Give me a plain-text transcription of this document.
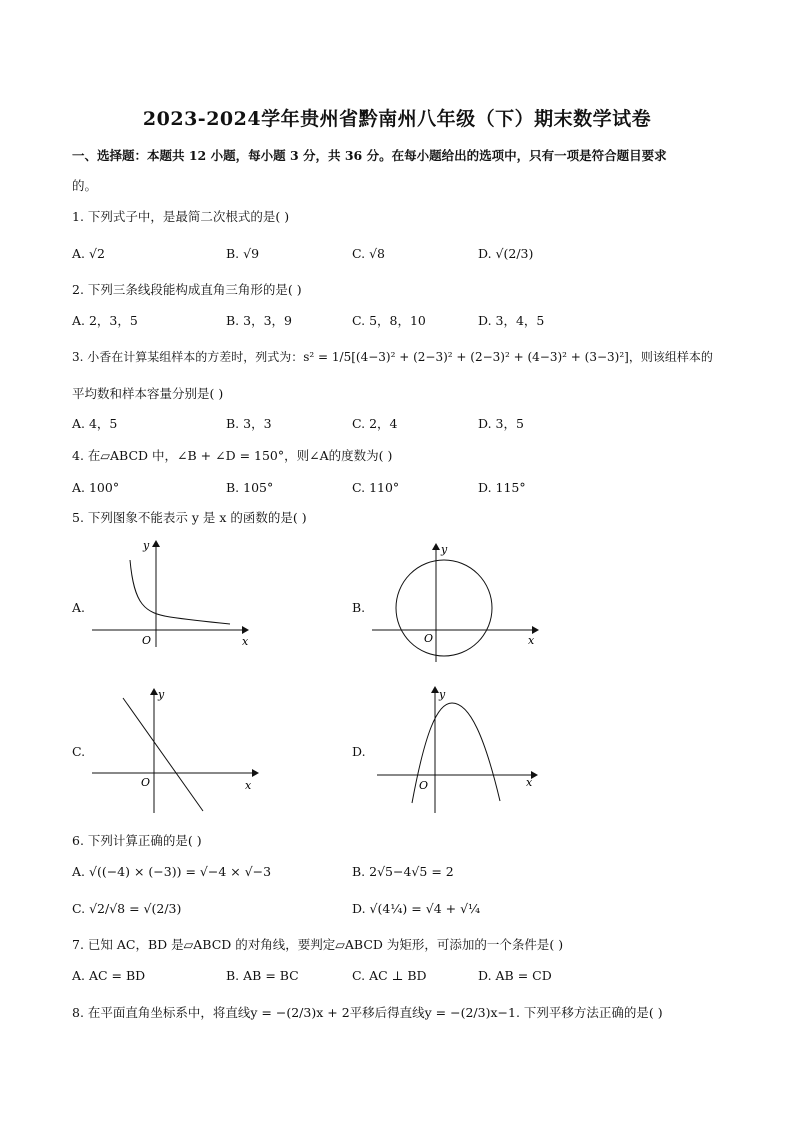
2023-2024学年贵州省黔南州八年级（下）期末数学试卷
一、选择题：本题共 12 小题，每小题 3 分，共 36 分。在每小题给出的选项中，只有一项是符合题目要求
的。
1. 下列式子中，是最简二次根式的是( )
A. √2	B. √9	C. √8	D. √(2/3)
2. 下列三条线段能构成直角三角形的是( )
A. 2，3，5	B. 3，3，9	C. 5，8，10	D. 3，4，5
3. 小香在计算某组样本的方差时，列式为：s² = 1/5[(4−3)² + (2−3)² + (2−3)² + (4−3)² + (3−3)²]，则该组样本的
平均数和样本容量分别是( )
A. 4，5	B. 3，3	C. 2，4	D. 3，5
4. 在▱ABCD 中，∠B + ∠D = 150°，则∠A的度数为( )
A. 100°	B. 105°	C. 110°	D. 115°
5. 下列图象不能表示 y 是 x 的函数的是( )
A.
O	x
y
B.
O	x
y
C.
O	x
y
D.
O	x
y
6. 下列计算正确的是( )
A. √((−4) × (−3)) = √−4 × √−3	B. 2√5−4√5 = 2
C. √2/√8 = √(2/3)	D. √(4¼) = √4 + √¼
7. 已知 AC，BD 是▱ABCD 的对角线，要判定▱ABCD 为矩形，可添加的一个条件是( )
A. AC = BD	B. AB = BC	C. AC ⊥ BD	D. AB = CD
8. 在平面直角坐标系中，将直线y = −(2/3)x + 2平移后得直线y = −(2/3)x−1. 下列平移方法正确的是( )
